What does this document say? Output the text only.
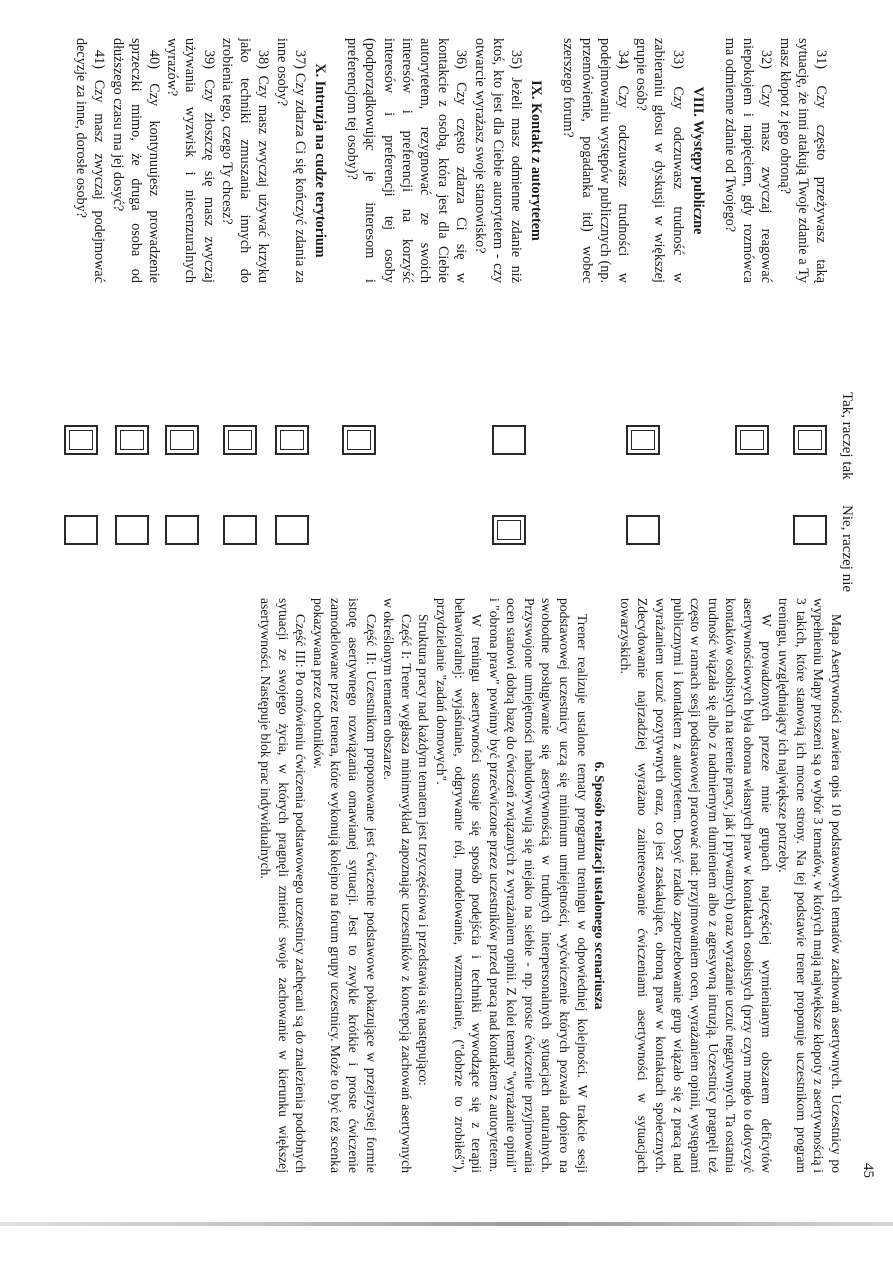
31) Czy często przeżywasz taką sytuację, że inni atakują Twoje zdanie a Ty masz kłopot z jego obroną?

32) Czy masz zwyczaj reagować niepokojem i napięciem, gdy rozmówca ma odmienne zdanie od Twojego?

VIII. Występy publiczne

33) Czy odczuwasz trudność w zabieraniu głosu w dyskusji w większej grupie osób?

34) Czy odczuwasz trudności w podejmowaniu występów publicznych (np. przemówienie, pogadanka itd) wobec szerszego forum?

IX. Kontakt z autorytetem

35) Jeżeli masz odmienne zdanie niż ktoś, kto jest dla Ciebie autorytetem - czy otwarcie wyrażasz swoje stanowisko?

36) Czy często zdarza Ci się w kontakcie z osobą, która jest dla Ciebie autorytetem, rezygnować ze swoich interesów i preferencji na korzyść interesów i preferencji tej osoby (podporządkowując je interesom i preferencjom tej osoby)?

X. Intruzja na cudze terytorium

37) Czy zdarza Ci się kończyć zdania za inne osoby?

38) Czy masz zwyczaj używać krzyku jako techniki zmuszania innych do zrobienia tego, czego Ty chcesz?

39) Czy złoszczę się masz zwyczaj używania wyzwisk i niecenzuralnych wyrazów?

40) Czy kontynuujesz prowadzenie sprzeczki mimo, że druga osoba od dłuższego czasu ma jej dosyć?

41) Czy masz zwyczaj podejmować decyzje za inne, dorosłe osoby?

Tak, raczej tak
Nie, raczej nie

Mapa Asertywności zawiera opis 10 podstawowych tematów zachowań asertywnych. Uczestnicy po wypełnieniu Mapy proszeni są o wybór 3 tematów, w których mają największe kłopoty z asertywnością i 3 takich, które stanowią ich mocne strony. Na tej podstawie trener proponuje uczestnikom program treningu, uwzględniający ich największe potrzeby.

W prowadzonych przeze mnie grupach najczęściej wymienianym obszarem deficytów asertywnościowych była obrona własnych praw w kontaktach osobistych (przy czym mogło to dotyczyć kontaktów osobistych na terenie pracy, jak i prywatnych) oraz wyrażanie uczuć negatywnych. Ta ostatnia trudność wiązała się albo z nadmiernym tłumieniem albo z agresywną intruzją. Uczestnicy pragnęli też często w ramach sesji podstawowej pracować nad: przyjmowaniem ocen, wyrażaniem opinii, występami publicznymi i kontaktem z autorytetem. Dosyć rzadko zapotrzebowanie grup wiązało się z pracą nad wyrażaniem uczuć pozytywnych oraz, co jest zaskakujące, obroną praw w kontaktach społecznych. Zdecydowanie najrzadziej wyrażano zainteresowanie ćwiczeniami asertywności w sytuacjach towarzyskich.

6. Sposób realizacji ustalonego scenariusza

Trener realizuje ustalone tematy programu treningu w odpowiedniej kolejności. W trakcie sesji podstawowej uczestnicy uczą się minimum umiejętności, wyćwiczenie których pozwala dopiero na swobodne posługiwanie się asertywnością w trudnych interpersonalnych sytuacjach naturalnych. Przyswojone umiejętności nabudowywują się niejako na siebie - np. proste ćwiczenie przyjmowania ocen stanowi dobrą bazę do ćwiczeń związanych z wyrażaniem opinii. Z kolei tematy "wyrażanie opinii" i "obrona praw" powinny być przećwiczone przez uczestników przed pracą nad kontaktem z autorytetem.

W treningu asertywności stosuje się sposób podejścia i techniki wywodzące się z terapii behawioralnej: wyjaśnianie, odgrywanie ról, modelowanie, wzmacnianie, ("dobrze to zrobiłeś"), przydzielanie "zadań domowych".

Struktura pracy nad każdym tematem jest trzyczęściowa i przedstawia się następująco:

Część I: Trener wygłasza minimwykład zapoznając uczestników z koncepcją zachowań asertywnych w określonym tematem obszarze.

Część II: Uczestnikom proponowane jest ćwiczenie podstawowe pokazujące w przejrzystej formie istotę asertywnego rozwiązania omawianej sytuacji. Jest to zwykle krótkie i proste ćwiczenie zamodelowane przez trenera, które wykonują kolejno na forum grupy uczestnicy. Może to być też scenka pokazywana przez ochotników.

Część III: Po omówieniu ćwiczenia podstawowego uczestnicy zachęcani są do znalezienia podobnych sytuacji ze swojego życia, w których pragnęli zmienić swoje zachowanie w kierunku większej asertywności. Następuje blok prac indywidualnych.

45
